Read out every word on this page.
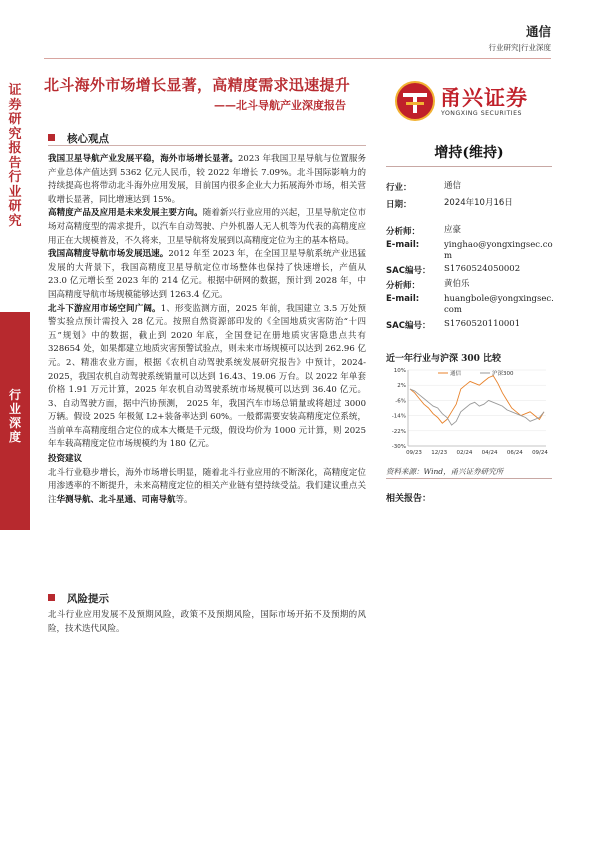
通信
行业研究|行业深度
证券研究报告 行业研究
行业深度
北斗海外市场增长显著，高精度需求迅速提升
——北斗导航产业深度报告	甬兴证券
YONGXING SECURITIES
核心观点

我国卫星导航产业发展平稳，海外市场增长显著。2023 年我国卫星导航与位置服务产业总体产值达到 5362 亿元人民币，较 2022 年增长 7.09%。北斗国际影响力的持续提高也将带动北斗海外应用发展，目前国内很多企业大力拓展海外市场，相关营收增长显著，同比增速达到 15%。

高精度产品及应用是未来发展主要方向。随着新兴行业应用的兴起，卫星导航定位市场对高精度型的需求提升，以汽车自动驾驶、户外机器人无人机等为代表的高精度应用正在大规模普及，不久将来，卫星导航将发展到以高精度定位为主的基本格局。

我国高精度导航市场发展迅速。2012 年至 2023 年，在全国卫星导航系统产业迅猛发展的大背景下，我国高精度卫星导航定位市场整体也保持了快速增长，产值从 23.0 亿元增长至 2023 年的 214 亿元。根据中研网的数据，预计到 2028 年，中国高精度导航市场规模能够达到 1263.4 亿元。

北斗下游应用市场空间广阔。1、形变监测方面，2025 年前，我国建立 3.5 万处预警实验点预计需投入 28 亿元。按照自然资源部印发的《全国地质灾害防治“十四五”规划》中的数据，截止到 2020 年底，全国登记在册地质灾害隐患点共有 328654 处，如果都建立地质灾害预警试验点，则未来市场规模可以达到 262.96 亿元。2、精准农业方面，根据《农机自动驾驶系统发展研究报告》中预计，2024-2025，我国农机自动驾驶系统销量可以达到 16.43、19.06 万台。以 2022 年单套价格 1.91 万元计算，2025 年农机自动驾驶系统市场规模可以达到 36.40 亿元。3、自动驾驶方面，据中汽协预测， 2025 年，我国汽车市场总销量或将超过 3000 万辆。假设 2025 年极氪 L2+装备率达到 60%。一般都需要安装高精度定位系统，当前单车高精度组合定位的成本大概是千元级，假设均价为 1000 元计算，则 2025 年车载高精度定位市场规模约为 180 亿元。

投资建议

北斗行业稳步增长，海外市场增长明显，随着北斗行业应用的不断深化，高精度定位用渗透率的不断提升，未来高精度定位的相关产业链有望持续受益。我们建议重点关注华测导航、北斗星通、司南导航等。

风险提示

北斗行业应用发展不及预期风险，政策不及预期风险，国际市场开拓不及预期的风险，技术迭代风险。

增持(维持)
行业：	通信
日期：	2024年10月16日
分析师：	应豪
E-mail:	yinghao@yongxingsec.com
SAC编号： S1760524050002
分析师：	黄伯乐
E-mail:	huangbole@yongxingsec.com
SAC编号： S1760520110001
近一年行业与沪深 300 比较
10%
2%
-6%
-14%
-22%
-30%
09/23 12/23 02/24 04/24 06/24 09/24
通信	沪深300
资料来源：Wind，甬兴证券研究所
相关报告：
